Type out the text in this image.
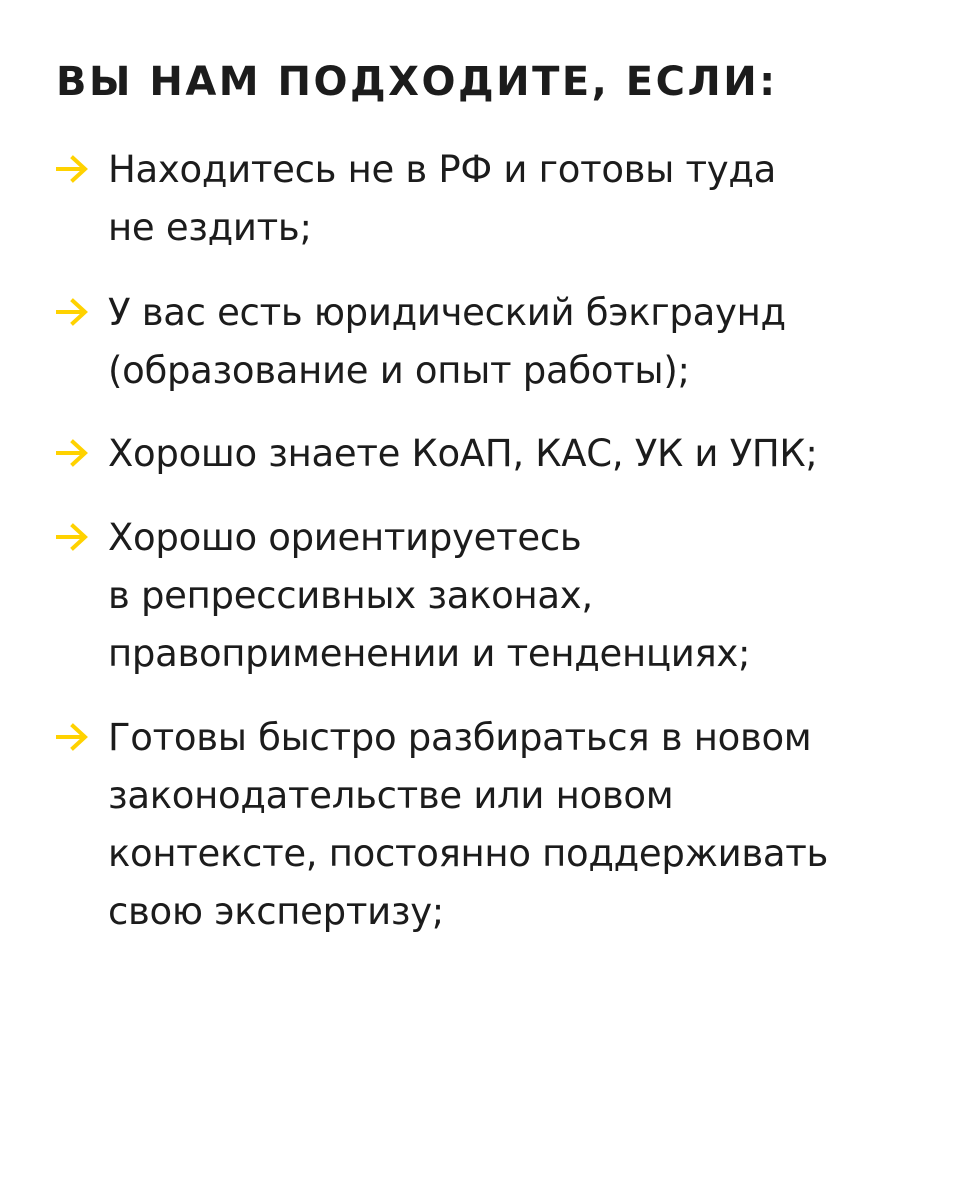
ВЫ НАМ ПОДХОДИТЕ, ЕСЛИ:
Находитесь не в РФ и готовы туда
не ездить;
У вас есть юридический бэкграунд
(образование и опыт работы);
Хорошо знаете КоАП, КАС, УК и УПК;
Хорошо ориентируетесь
в репрессивных законах,
правоприменении и тенденциях;
Готовы быстро разбираться в новом
законодательстве или новом
контексте, постоянно поддерживать
свою экспертизу;
